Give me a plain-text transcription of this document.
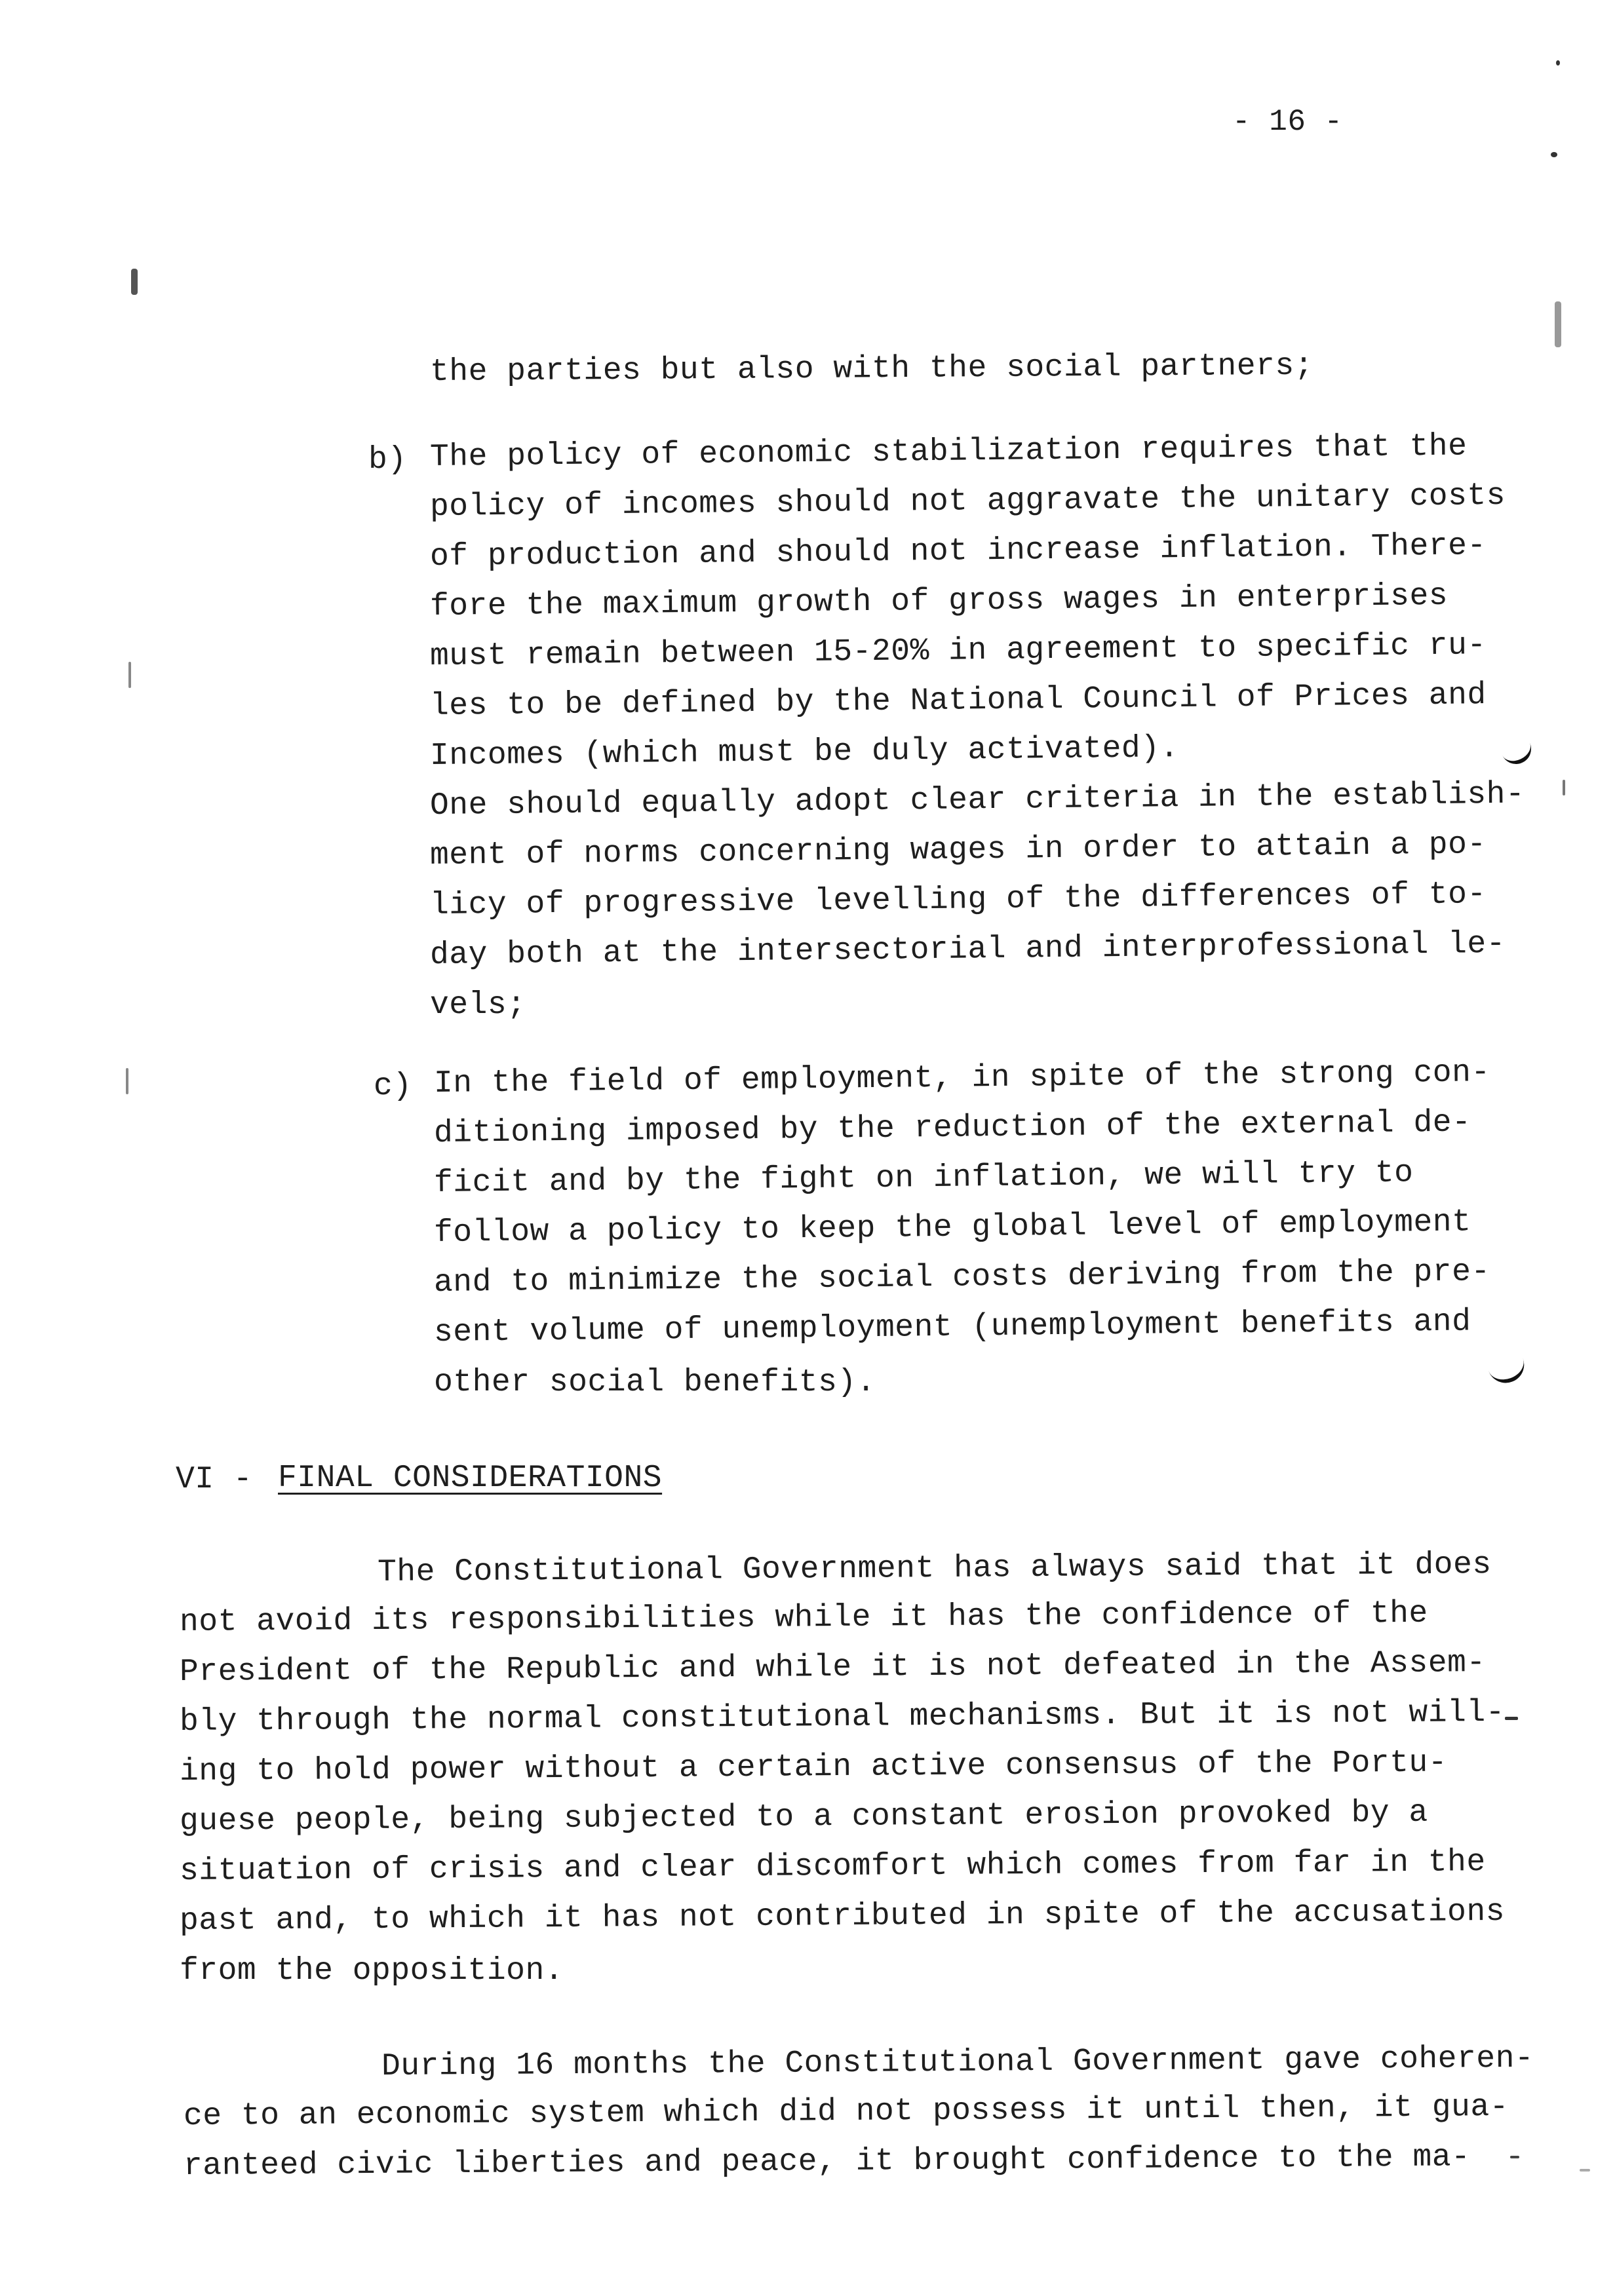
- 16 -
the parties but also with the social partners;
b) The policy of economic stabilization requires that the
policy of incomes should not aggravate the unitary costs
of production and should not increase inflation. There-
fore the maximum growth of gross wages in enterprises
must remain between 15-20% in agreement to specific ru-
les to be defined by the National Council of Prices and
Incomes (which must be duly activated).
One should equally adopt clear criteria in the establish-
ment of norms concerning wages in order to attain a po-
licy of progressive levelling of the differences of to-
day both at the intersectorial and interprofessional le-
vels;
c) In the field of employment, in spite of the strong con-
ditioning imposed by the reduction of the external de-
ficit and by the fight on inflation, we will try to
follow a policy to keep the global level of employment
and to minimize the social costs deriving from the pre-
sent volume of unemployment (unemployment benefits and
other social benefits).
VI - FINAL CONSIDERATIONS
The Constitutional Government has always said that it does
not avoid its responsibilities while it has the confidence of the
President of the Republic and while it is not defeated in the Assem-
bly through the normal constitutional mechanisms. But it is not will-
ing to hold power without a certain active consensus of the Portu-
guese people, being subjected to a constant erosion provoked by a
situation of crisis and clear discomfort which comes from far in the
past and, to which it has not contributed in spite of the accusations
from the opposition.
During 16 months the Constitutional Government gave coheren-
ce to an economic system which did not possess it until then, it gua-
ranteed civic liberties and peace, it brought confidence to the ma-
